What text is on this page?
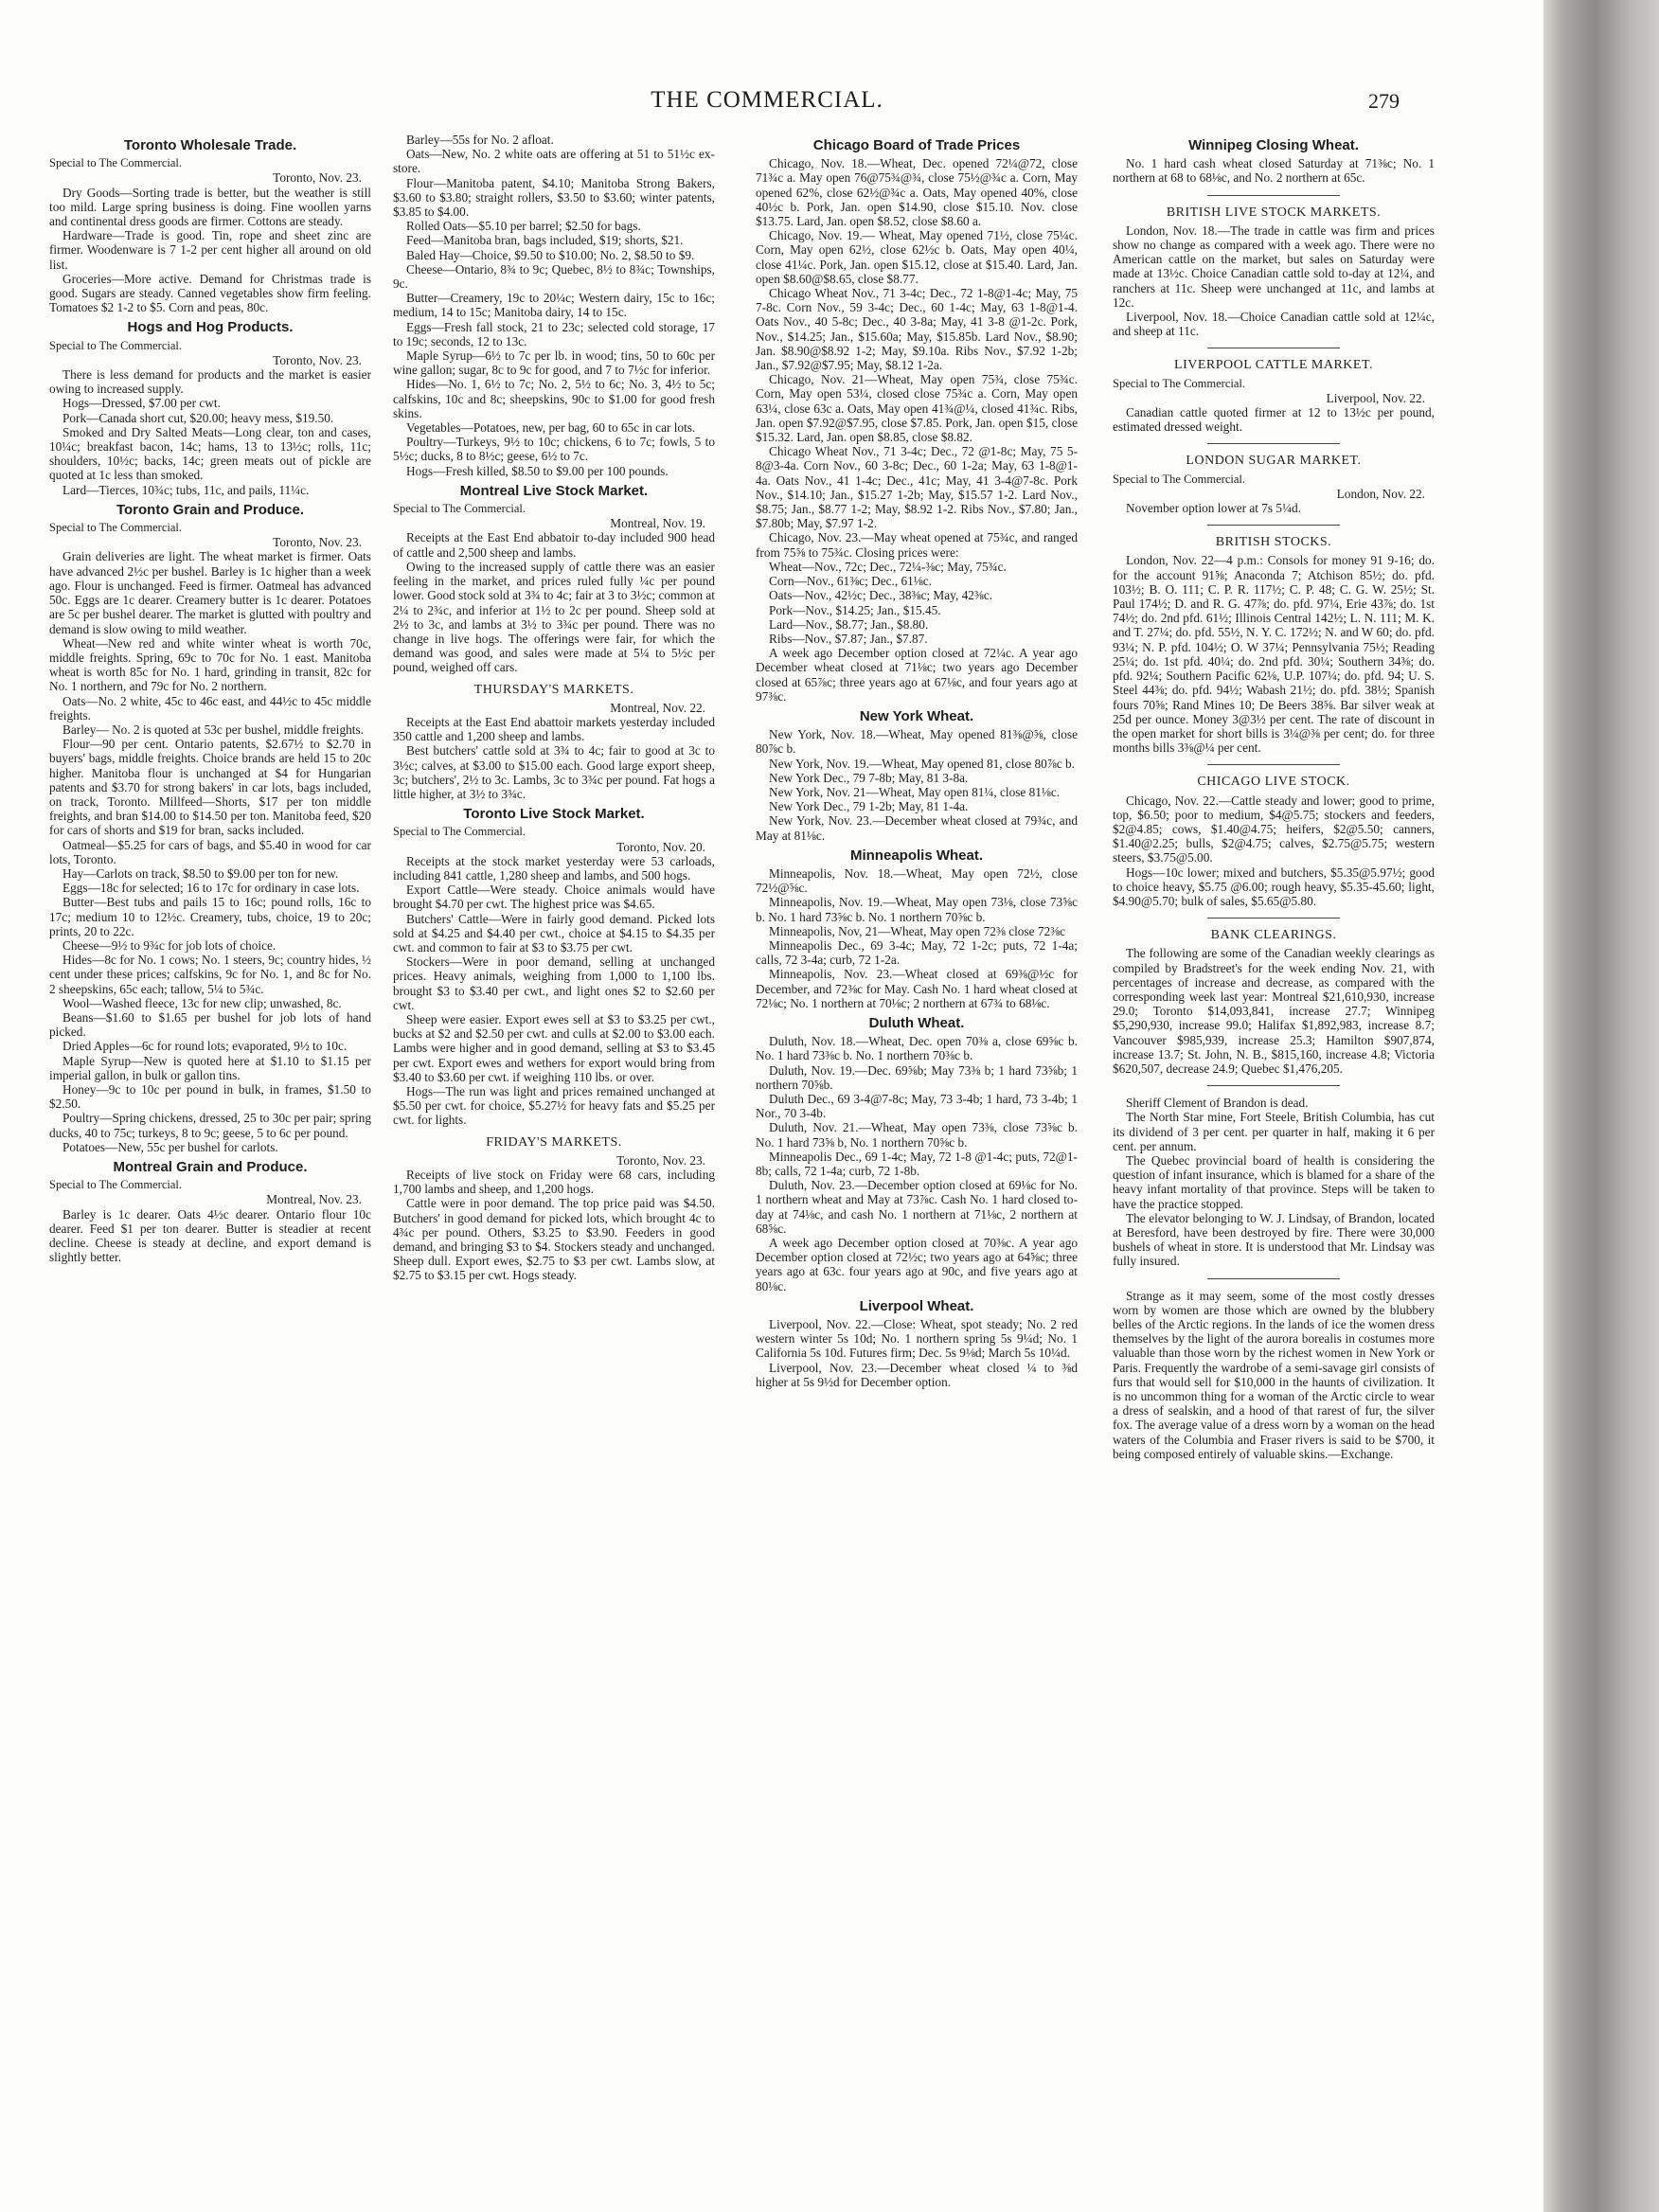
THE COMMERCIAL.	279
Toronto Wholesale Trade.
Special to The Commercial.
Toronto, Nov. 23.

Dry Goods—Sorting trade is better, but the weather is still too mild. Large spring business is doing. Fine woollen yarns and continental dress goods are firmer. Cottons are steady.

Hardware—Trade is good. Tin, rope and sheet zinc are firmer. Woodenware is 7 1-2 per cent higher all around on old list.

Groceries—More active. Demand for Christmas trade is good. Sugars are steady. Canned vegetables show firm feeling. Tomatoes $2 1-2 to $5. Corn and peas, 80c.

Hogs and Hog Products.
Special to The Commercial.
Toronto, Nov. 23.

There is less demand for products and the market is easier owing to increased supply.

Hogs—Dressed, $7.00 per cwt.

Pork—Canada short cut, $20.00; heavy mess, $19.50.

Smoked and Dry Salted Meats—Long clear, ton and cases, 10¼c; breakfast bacon, 14c; hams, 13 to 13½c; rolls, 11c; shoulders, 10½c; backs, 14c; green meats out of pickle are quoted at 1c less than smoked.

Lard—Tierces, 10¾c; tubs, 11c, and pails, 11¼c.

Toronto Grain and Produce.
Special to The Commercial.
Toronto, Nov. 23.

Grain deliveries are light. The wheat market is firmer. Oats have advanced 2½c per bushel. Barley is 1c higher than a week ago. Flour is unchanged. Feed is firmer. Oatmeal has advanced 50c. Eggs are 1c dearer. Creamery butter is 1c dearer. Potatoes are 5c per bushel dearer. The market is glutted with poultry and demand is slow owing to mild weather.

Wheat—New red and white winter wheat is worth 70c, middle freights. Spring, 69c to 70c for No. 1 east. Manitoba wheat is worth 85c for No. 1 hard, grinding in transit, 82c for No. 1 northern, and 79c for No. 2 northern.

Oats—No. 2 white, 45c to 46c east, and 44½c to 45c middle freights.

Barley— No. 2 is quoted at 53c per bushel, middle freights.

Flour—90 per cent. Ontario patents, $2.67½ to $2.70 in buyers' bags, middle freights. Choice brands are held 15 to 20c higher. Manitoba flour is unchanged at $4 for Hungarian patents and $3.70 for strong bakers' in car lots, bags included, on track, Toronto. Millfeed—Shorts, $17 per ton middle freights, and bran $14.00 to $14.50 per ton. Manitoba feed, $20 for cars of shorts and $19 for bran, sacks included.

Oatmeal—$5.25 for cars of bags, and $5.40 in wood for car lots, Toronto.

Hay—Carlots on track, $8.50 to $9.00 per ton for new.

Eggs—18c for selected; 16 to 17c for ordinary in case lots.

Butter—Best tubs and pails 15 to 16c; pound rolls, 16c to 17c; medium 10 to 12½c. Creamery, tubs, choice, 19 to 20c; prints, 20 to 22c.

Cheese—9½ to 9¾c for job lots of choice.

Hides—8c for No. 1 cows; No. 1 steers, 9c; country hides, ½ cent under these prices; calfskins, 9c for No. 1, and 8c for No. 2 sheepskins, 65c each; tallow, 5¼ to 5¾c.

Wool—Washed fleece, 13c for new clip; unwashed, 8c.

Beans—$1.60 to $1.65 per bushel for job lots of hand picked.

Dried Apples—6c for round lots; evaporated, 9½ to 10c.

Maple Syrup—New is quoted here at $1.10 to $1.15 per imperial gallon, in bulk or gallon tins.

Honey—9c to 10c per pound in bulk, in frames, $1.50 to $2.50.

Poultry—Spring chickens, dressed, 25 to 30c per pair; spring ducks, 40 to 75c; turkeys, 8 to 9c; geese, 5 to 6c per pound.

Potatoes—New, 55c per bushel for carlots.

Montreal Grain and Produce.
Special to The Commercial.
Montreal, Nov. 23.

Barley is 1c dearer. Oats 4½c dearer. Ontario flour 10c dearer. Feed $1 per ton dearer. Butter is steadier at recent decline. Cheese is steady at decline, and export demand is slightly better.

Barley—55s for No. 2 afloat.

Oats—New, No. 2 white oats are offering at 51 to 51½c ex-store.

Flour—Manitoba patent, $4.10; Manitoba Strong Bakers, $3.60 to $3.80; straight rollers, $3.50 to $3.60; winter patents, $3.85 to $4.00.

Rolled Oats—$5.10 per barrel; $2.50 for bags.

Feed—Manitoba bran, bags included, $19; shorts, $21.

Baled Hay—Choice, $9.50 to $10.00; No. 2, $8.50 to $9.

Cheese—Ontario, 8¾ to 9c; Quebec, 8½ to 8¾c; Townships, 9c.

Butter—Creamery, 19c to 20¼c; Western dairy, 15c to 16c; medium, 14 to 15c; Manitoba dairy, 14 to 15c.

Eggs—Fresh fall stock, 21 to 23c; selected cold storage, 17 to 19c; seconds, 12 to 13c.

Maple Syrup—6½ to 7c per lb. in wood; tins, 50 to 60c per wine gallon; sugar, 8c to 9c for good, and 7 to 7½c for inferior.

Hides—No. 1, 6½ to 7c; No. 2, 5½ to 6c; No. 3, 4½ to 5c; calfskins, 10c and 8c; sheepskins, 90c to $1.00 for good fresh skins.

Vegetables—Potatoes, new, per bag, 60 to 65c in car lots.

Poultry—Turkeys, 9½ to 10c; chickens, 6 to 7c; fowls, 5 to 5½c; ducks, 8 to 8½c; geese, 6½ to 7c.

Hogs—Fresh killed, $8.50 to $9.00 per 100 pounds.

Montreal Live Stock Market.
Special to The Commercial.
Montreal, Nov. 19.

Receipts at the East End abbatoir to-day included 900 head of cattle and 2,500 sheep and lambs.

Owing to the increased supply of cattle there was an easier feeling in the market, and prices ruled fully ¼c per pound lower. Good stock sold at 3¾ to 4c; fair at 3 to 3½c; common at 2¼ to 2¾c, and inferior at 1½ to 2c per pound. Sheep sold at 2½ to 3c, and lambs at 3½ to 3¾c per pound. There was no change in live hogs. The offerings were fair, for which the demand was good, and sales were made at 5¼ to 5½c per pound, weighed off cars.

THURSDAY'S MARKETS.
Montreal, Nov. 22.

Receipts at the East End abattoir markets yesterday included 350 cattle and 1,200 sheep and lambs.

Best butchers' cattle sold at 3¾ to 4c; fair to good at 3c to 3½c; calves, at $3.00 to $15.00 each. Good large export sheep, 3c; butchers', 2½ to 3c. Lambs, 3c to 3¾c per pound. Fat hogs a little higher, at 3½ to 3¾c.

Toronto Live Stock Market.
Special to The Commercial.
Toronto, Nov. 20.

Receipts at the stock market yesterday were 53 carloads, including 841 cattle, 1,280 sheep and lambs, and 500 hogs.

Export Cattle—Were steady. Choice animals would have brought $4.70 per cwt. The highest price was $4.65.

Butchers' Cattle—Were in fairly good demand. Picked lots sold at $4.25 and $4.40 per cwt., choice at $4.15 to $4.35 per cwt. and common to fair at $3 to $3.75 per cwt.

Stockers—Were in poor demand, selling at unchanged prices. Heavy animals, weighing from 1,000 to 1,100 lbs. brought $3 to $3.40 per cwt., and light ones $2 to $2.60 per cwt.

Sheep were easier. Export ewes sell at $3 to $3.25 per cwt., bucks at $2 and $2.50 per cwt. and culls at $2.00 to $3.00 each. Lambs were higher and in good demand, selling at $3 to $3.45 per cwt. Export ewes and wethers for export would bring from $3.40 to $3.60 per cwt. if weighing 110 lbs. or over.

Hogs—The run was light and prices remained unchanged at $5.50 per cwt. for choice, $5.27½ for heavy fats and $5.25 per cwt. for lights.

FRIDAY'S MARKETS.
Toronto, Nov. 23.

Receipts of live stock on Friday were 68 cars, including 1,700 lambs and sheep, and 1,200 hogs.

Cattle were in poor demand. The top price paid was $4.50. Butchers' in good demand for picked lots, which brought 4c to 4¾c per pound. Others, $3.25 to $3.90. Feeders in good demand, and bringing $3 to $4. Stockers steady and unchanged. Sheep dull. Export ewes, $2.75 to $3 per cwt. Lambs slow, at $2.75 to $3.15 per cwt. Hogs steady.

Chicago Board of Trade Prices

Chicago, Nov. 18.—Wheat, Dec. opened 72¼@72, close 71¾c a. May open 76@75¾@¾, close 75½@¾c a. Corn, May opened 62%, close 62½@¾c a. Oats, May opened 40%, close 40½c b. Pork, Jan. open $14.90, close $15.10. Nov. close $13.75. Lard, Jan. open $8.52, close $8.60 a.

Chicago, Nov. 19.— Wheat, May opened 71½, close 75¼c. Corn, May open 62½, close 62½c b. Oats, May open 40¼, close 41¼c. Pork, Jan. open $15.12, close at $15.40. Lard, Jan. open $8.60@$8.65, close $8.77.

Chicago Wheat Nov., 71 3-4c; Dec., 72 1-8@1-4c; May, 75 7-8c. Corn Nov., 59 3-4c; Dec., 60 1-4c; May, 63 1-8@1-4. Oats Nov., 40 5-8c; Dec., 40 3-8a; May, 41 3-8 @1-2c. Pork, Nov., $14.25; Jan., $15.60a; May, $15.85b. Lard Nov., $8.90; Jan. $8.90@$8.92 1-2; May, $9.10a. Ribs Nov., $7.92 1-2b; Jan., $7.92@$7.95; May, $8.12 1-2a.

Chicago, Nov. 21—Wheat, May open 75¾, close 75¾c. Corn, May open 53¼, closed close 75¾c a. Corn, May open 63¼, close 63c a. Oats, May open 41¾@¼, closed 41¾c. Ribs, Jan. open $7.92@$7.95, close $7.85. Pork, Jan. open $15, close $15.32. Lard, Jan. open $8.85, close $8.82.

Chicago Wheat Nov., 71 3-4c; Dec., 72 @1-8c; May, 75 5-8@3-4a. Corn Nov., 60 3-8c; Dec., 60 1-2a; May, 63 1-8@1-4a. Oats Nov., 41 1-4c; Dec., 41c; May, 41 3-4@7-8c. Pork Nov., $14.10; Jan., $15.27 1-2b; May, $15.57 1-2. Lard Nov., $8.75; Jan., $8.77 1-2; May, $8.92 1-2. Ribs Nov., $7.80; Jan., $7.80b; May, $7.97 1-2.

Chicago, Nov. 23.—May wheat opened at 75¾c, and ranged from 75⅝ to 75¾c. Closing prices were:

Wheat—Nov., 72c; Dec., 72¼-⅜c; May, 75¾c.

Corn—Nov., 61⅜c; Dec., 61⅛c.

Oats—Nov., 42½c; Dec., 38⅜c; May, 42⅜c.

Pork—Nov., $14.25; Jan., $15.45.

Lard—Nov., $8.77; Jan., $8.80.

Ribs—Nov., $7.87; Jan., $7.87.

A week ago December option closed at 72¼c. A year ago December wheat closed at 71⅛c; two years ago December closed at 65⅞c; three years ago at 67⅛c, and four years ago at 97⅜c.

New York Wheat.

New York, Nov. 18.—Wheat, May opened 81⅜@⅝, close 80⅞c b.

New York, Nov. 19.—Wheat, May opened 81, close 80⅞c b.

New York Dec., 79 7-8b; May, 81 3-8a.

New York, Nov. 21—Wheat, May open 81¼, close 81⅛c.

New York Dec., 79 1-2b; May, 81 1-4a.

New York, Nov. 23.—December wheat closed at 79¾c, and May at 81⅛c.

Minneapolis Wheat.

Minneapolis, Nov. 18.—Wheat, May open 72½, close 72½@⅝c.

Minneapolis, Nov. 19.—Wheat, May open 73⅛, close 73⅝c b. No. 1 hard 73⅝c b. No. 1 northern 70⅝c b.

Minneapolis, Nov, 21—Wheat, May open 72⅜ close 72⅜c

Minneapolis Dec., 69 3-4c; May, 72 1-2c; puts, 72 1-4a; calls, 72 3-4a; curb, 72 1-2a.

Minneapolis, Nov. 23.—Wheat closed at 69⅜@½c for December, and 72⅜c for May. Cash No. 1 hard wheat closed at 72⅛c; No. 1 northern at 70⅛c; 2 northern at 67¾ to 68⅛c.

Duluth Wheat.

Duluth, Nov. 18.—Wheat, Dec. open 70⅜ a, close 69⅝c b. No. 1 hard 73⅜c b. No. 1 northern 70⅜c b.

Duluth, Nov. 19.—Dec. 69⅝b; May 73⅜ b; 1 hard 73⅝b; 1 northern 70⅝b.

Duluth Dec., 69 3-4@7-8c; May, 73 3-4b; 1 hard, 73 3-4b; 1 Nor., 70 3-4b.

Duluth, Nov. 21.—Wheat, May open 73⅜, close 73⅝c b. No. 1 hard 73⅝ b, No. 1 northern 70⅝c b.

Minneapolis Dec., 69 1-4c; May, 72 1-8 @1-4c; puts, 72@1-8b; calls, 72 1-4a; curb, 72 1-8b.

Duluth, Nov. 23.—December option closed at 69⅛c for No. 1 northern wheat and May at 73⅞c. Cash No. 1 hard closed to-day at 74⅛c, and cash No. 1 northern at 71⅛c, 2 northern at 68⅝c.

A week ago December option closed at 70⅜c. A year ago December option closed at 72½c; two years ago at 64⅝c; three years ago at 63c. four years ago at 90c, and five years ago at 80⅛c.

Liverpool Wheat.

Liverpool, Nov. 22.—Close: Wheat, spot steady; No. 2 red western winter 5s 10d; No. 1 northern spring 5s 9¼d; No. 1 California 5s 10d. Futures firm; Dec. 5s 9⅛d; March 5s 10¼d.

Liverpool, Nov. 23.—December wheat closed ¼ to ⅜d higher at 5s 9½d for December option.

Winnipeg Closing Wheat.

No. 1 hard cash wheat closed Saturday at 71⅜c; No. 1 northern at 68 to 68⅛c, and No. 2 northern at 65c.

BRITISH LIVE STOCK MARKETS.

London, Nov. 18.—The trade in cattle was firm and prices show no change as compared with a week ago. There were no American cattle on the market, but sales on Saturday were made at 13½c. Choice Canadian cattle sold to-day at 12¼, and ranchers at 11c. Sheep were unchanged at 11c, and lambs at 12c.

Liverpool, Nov. 18.—Choice Canadian cattle sold at 12¼c, and sheep at 11c.

LIVERPOOL CATTLE MARKET.
Special to The Commercial.
Liverpool, Nov. 22.

Canadian cattle quoted firmer at 12 to 13½c per pound, estimated dressed weight.

LONDON SUGAR MARKET.
Special to The Commercial.
London, Nov. 22.

November option lower at 7s 5¼d.

BRITISH STOCKS.

London, Nov. 22—4 p.m.: Consols for money 91 9-16; do. for the account 91⅝; Anaconda 7; Atchison 85½; do. pfd. 103½; B. O. 111; C. P. R. 117½; C. P. 48; C. G. W. 25½; St. Paul 174½; D. and R. G. 47⅞; do. pfd. 97¼, Erie 43⅞; do. 1st 74½; do. 2nd pfd. 61½; Illinois Central 142½; L. N. 111; M. K. and T. 27¼; do. pfd. 55½, N. Y. C. 172½; N. and W 60; do. pfd. 93¼; N. P. pfd. 104½; O. W 37¼; Pennsylvania 75½; Reading 25¼; do. 1st pfd. 40¼; do. 2nd pfd. 30¼; Southern 34⅜; do. pfd. 92¼; Southern Pacific 62⅛, U.P. 107¼; do. pfd. 94; U. S. Steel 44⅜; do. pfd. 94½; Wabash 21½; do. pfd. 38½; Spanish fours 70⅝; Rand Mines 10; De Beers 38⅝. Bar silver weak at 25d per ounce. Money 3@3½ per cent. The rate of discount in the open market for short bills is 3¼@⅜ per cent; do. for three months bills 3⅜@¼ per cent.

CHICAGO LIVE STOCK.

Chicago, Nov. 22.—Cattle steady and lower; good to prime, top, $6.50; poor to medium, $4@5.75; stockers and feeders, $2@4.85; cows, $1.40@4.75; heifers, $2@5.50; canners, $1.40@2.25; bulls, $2@4.75; calves, $2.75@5.75; western steers, $3.75@5.00.

Hogs—10c lower; mixed and butchers, $5.35@5.97½; good to choice heavy, $5.75 @6.00; rough heavy, $5.35-45.60; light, $4.90@5.70; bulk of sales, $5.65@5.80.

BANK CLEARINGS.

The following are some of the Canadian weekly clearings as compiled by Bradstreet's for the week ending Nov. 21, with percentages of increase and decrease, as compared with the corresponding week last year: Montreal $21,610,930, increase 29.0; Toronto $14,093,841, increase 27.7; Winnipeg $5,290,930, increase 99.0; Halifax $1,892,983, increase 8.7; Vancouver $985,939, increase 25.3; Hamilton $907,874, increase 13.7; St. John, N. B., $815,160, increase 4.8; Victoria $620,507, decrease 24.9; Quebec $1,476,205.

Sheriff Clement of Brandon is dead.

The North Star mine, Fort Steele, British Columbia, has cut its dividend of 3 per cent. per quarter in half, making it 6 per cent. per annum.

The Quebec provincial board of health is considering the question of infant insurance, which is blamed for a share of the heavy infant mortality of that province. Steps will be taken to have the practice stopped.

The elevator belonging to W. J. Lindsay, of Brandon, located at Beresford, have been destroyed by fire. There were 30,000 bushels of wheat in store. It is understood that Mr. Lindsay was fully insured.

Strange as it may seem, some of the most costly dresses worn by women are those which are owned by the blubbery belles of the Arctic regions. In the lands of ice the women dress themselves by the light of the aurora borealis in costumes more valuable than those worn by the richest women in New York or Paris. Frequently the wardrobe of a semi-savage girl consists of furs that would sell for $10,000 in the haunts of civilization. It is no uncommon thing for a woman of the Arctic circle to wear a dress of sealskin, and a hood of that rarest of fur, the silver fox. The average value of a dress worn by a woman on the head waters of the Columbia and Fraser rivers is said to be $700, it being composed entirely of valuable skins.—Exchange.
